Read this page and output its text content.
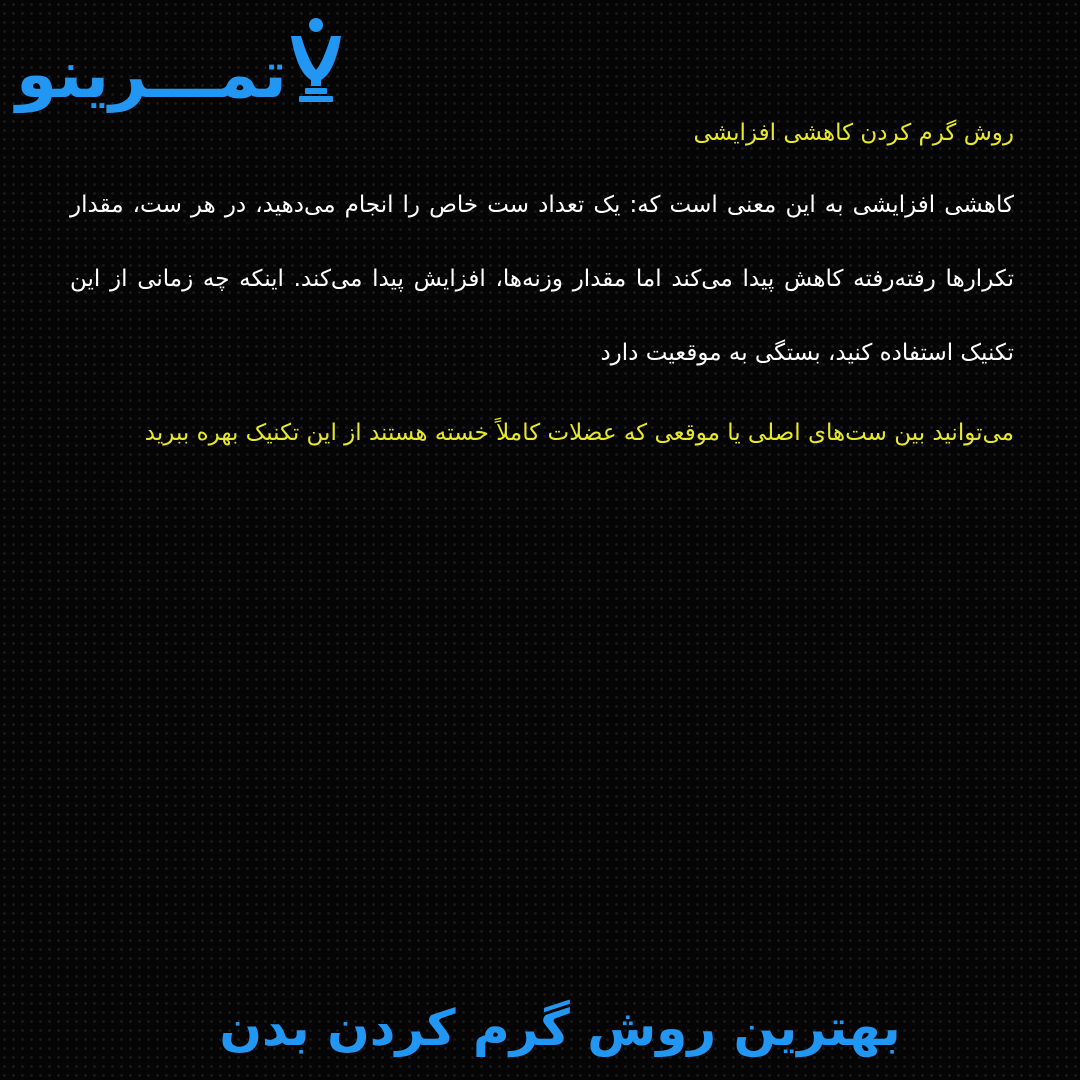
تمـــرینو

روش گرم کردن کاهشی افزایشی

کاهشی افزایشی به این معنی است که: یک تعداد ست خاص را انجام می‌دهید، در هر ست، مقدار تکرارها رفته‌رفته کاهش پیدا می‌کند اما مقدار وزنه‌ها، افزایش پیدا می‌کند. اینکه چه زمانی از این تکنیک استفاده کنید، بستگی به موقعیت دارد

می‌توانید بین ست‌های اصلی یا موقعی که عضلات کاملاً خسته هستند از این تکنیک بهره ببرید

بهترین روش گرم کردن بدن
